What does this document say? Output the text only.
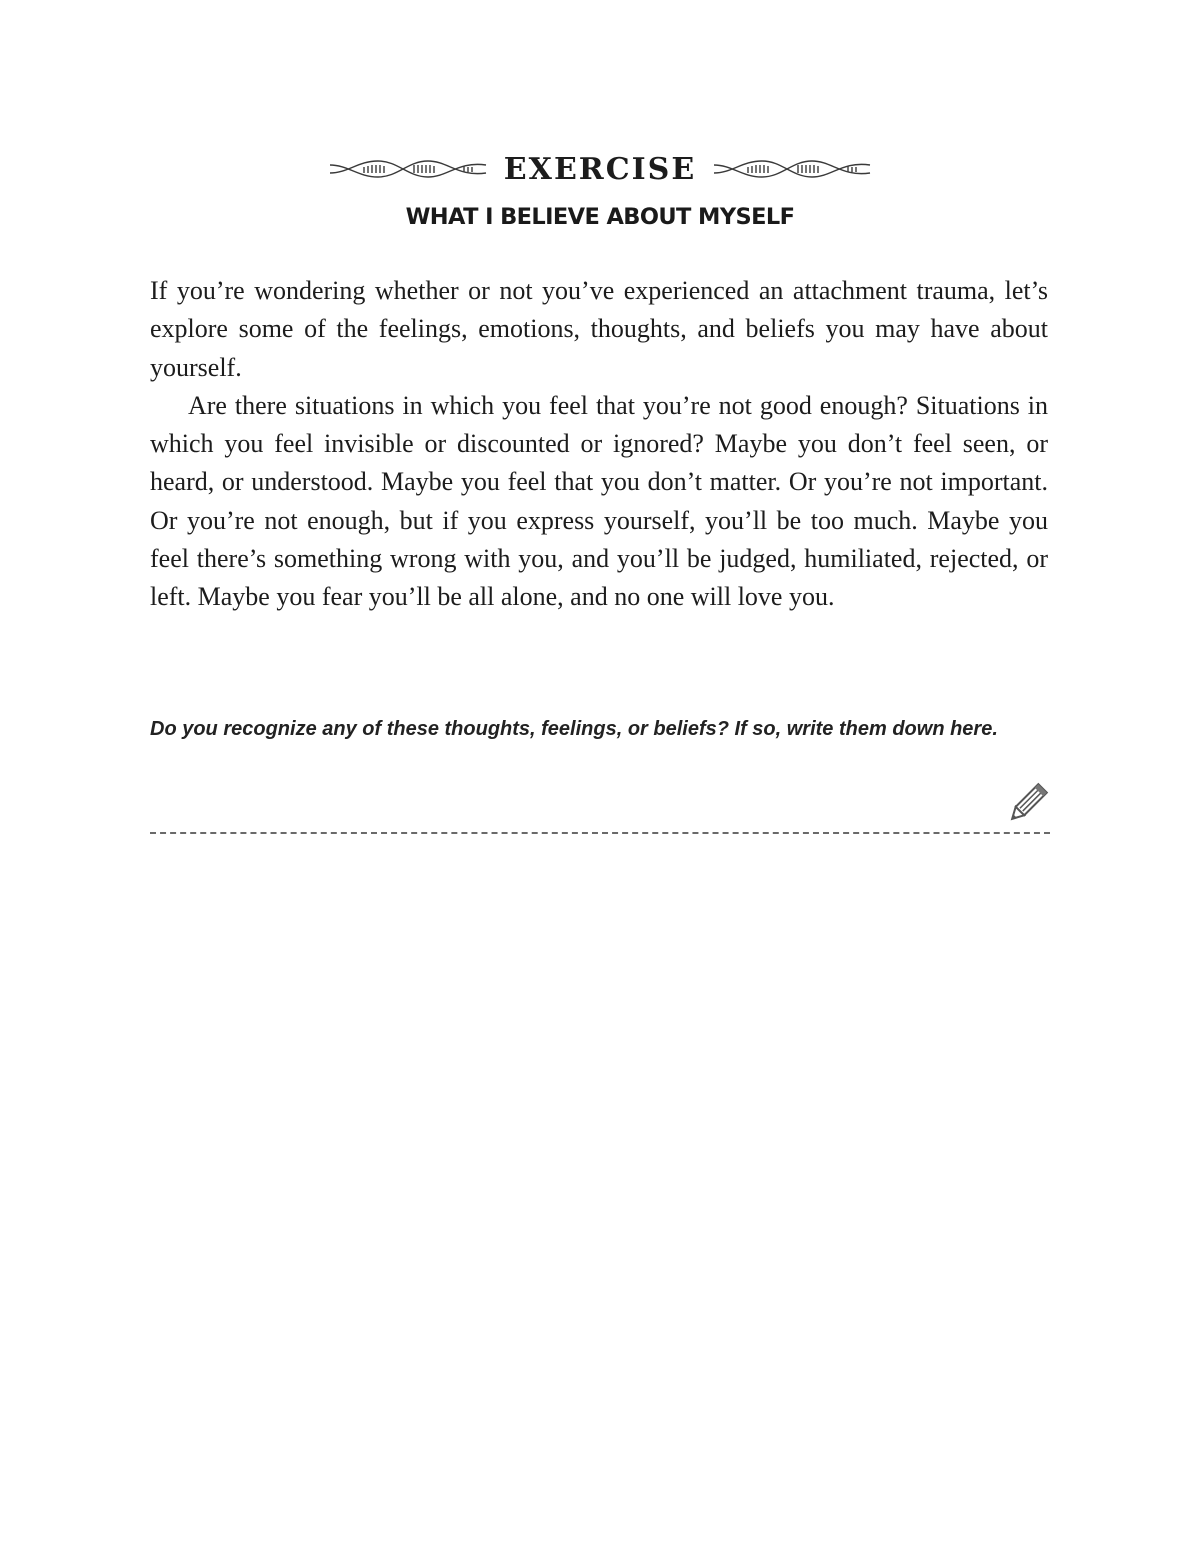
EXERCISE
WHAT I BELIEVE ABOUT MYSELF

If you’re wondering whether or not you’ve experienced an attachment trauma, let’s explore some of the feelings, emotions, thoughts, and beliefs you may have about yourself.

Are there situations in which you feel that you’re not good enough? Situations in which you feel invisible or discounted or ignored? Maybe you don’t feel seen, or heard, or understood. Maybe you feel that you don’t matter. Or you’re not important. Or you’re not enough, but if you express yourself, you’ll be too much. Maybe you feel there’s something wrong with you, and you’ll be judged, humiliated, rejected, or left. Maybe you fear you’ll be all alone, and no one will love you.

Do you recognize any of these thoughts, feelings, or beliefs? If so, write them down here.
